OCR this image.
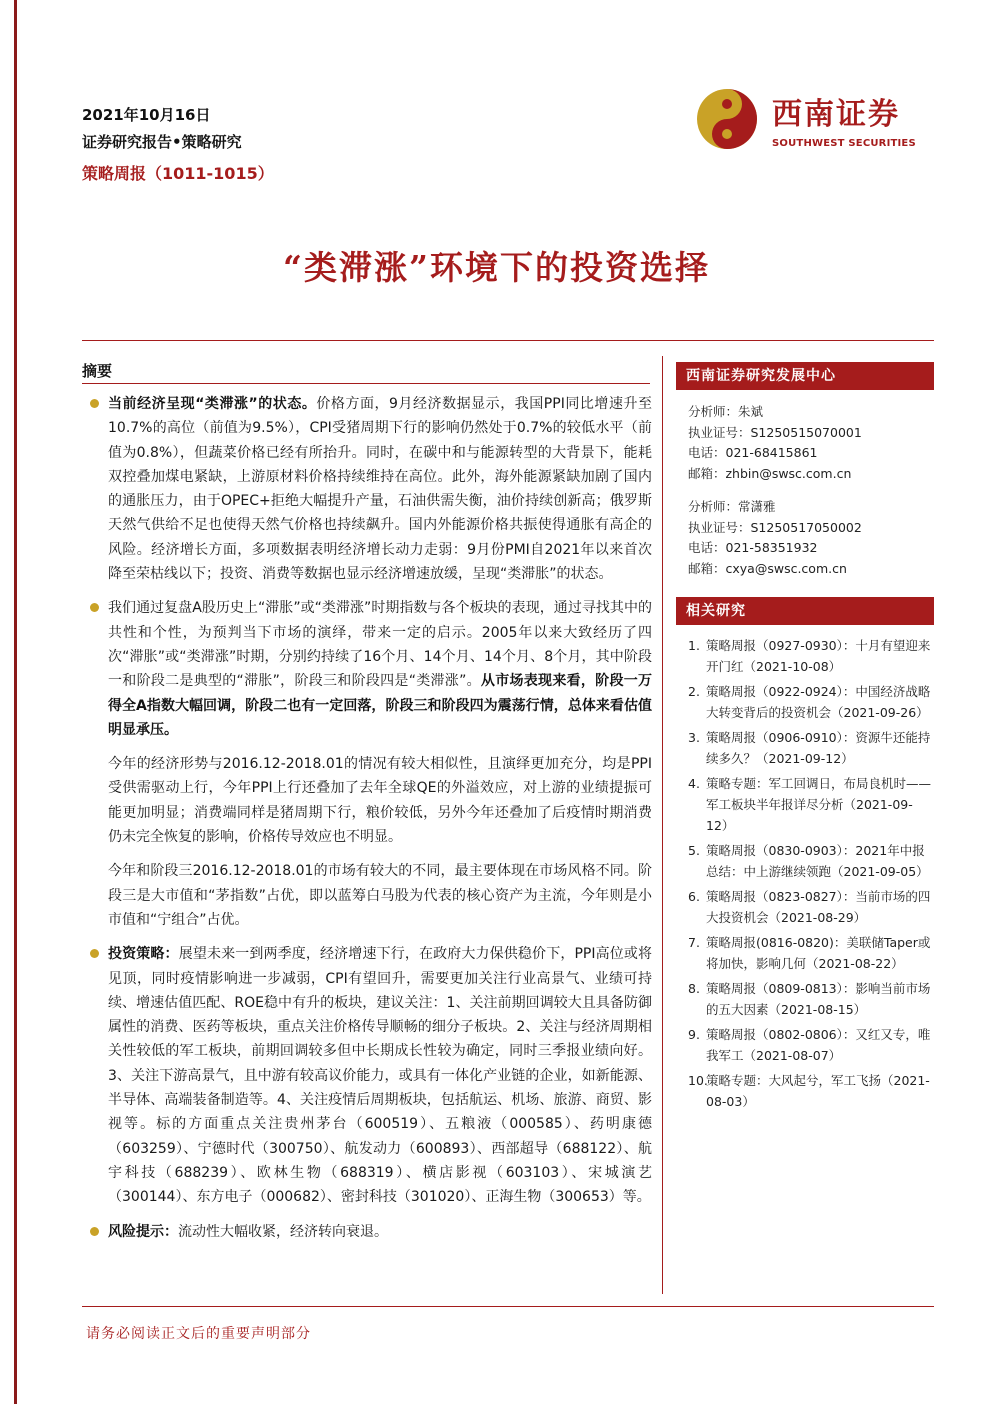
2021年10月16日
证券研究报告•策略研究
策略周报（1011-1015）
西南证券
SOUTHWEST SECURITIES
“类滞涨”环境下的投资选择
摘要
当前经济呈现“类滞涨”的状态。价格方面，9月经济数据显示，我国PPI同比增速升至10.7%的高位（前值为9.5%），CPI受猪周期下行的影响仍然处于0.7%的较低水平（前值为0.8%），但蔬菜价格已经有所抬升。同时，在碳中和与能源转型的大背景下，能耗双控叠加煤电紧缺，上游原材料价格持续维持在高位。此外，海外能源紧缺加剧了国内的通胀压力，由于OPEC+拒绝大幅提升产量，石油供需失衡，油价持续创新高；俄罗斯天然气供给不足也使得天然气价格也持续飙升。国内外能源价格共振使得通胀有高企的风险。经济增长方面，多项数据表明经济增长动力走弱：9月份PMI自2021年以来首次降至荣枯线以下；投资、消费等数据也显示经济增速放缓，呈现“类滞胀”的状态。
我们通过复盘A股历史上“滞胀”或“类滞涨”时期指数与各个板块的表现，通过寻找其中的共性和个性，为预判当下市场的演绎，带来一定的启示。2005年以来大致经历了四次“滞胀”或“类滞涨”时期，分别约持续了16个月、14个月、14个月、8个月，其中阶段一和阶段二是典型的“滞胀”，阶段三和阶段四是“类滞涨”。从市场表现来看，阶段一万得全A指数大幅回调，阶段二也有一定回落，阶段三和阶段四为震荡行情，总体来看估值明显承压。
今年的经济形势与2016.12-2018.01的情况有较大相似性，且演绎更加充分，均是PPI受供需驱动上行，今年PPI上行还叠加了去年全球QE的外溢效应，对上游的业绩提振可能更加明显；消费端同样是猪周期下行，粮价较低，另外今年还叠加了后疫情时期消费仍未完全恢复的影响，价格传导效应也不明显。
今年和阶段三2016.12-2018.01的市场有较大的不同，最主要体现在市场风格不同。阶段三是大市值和“茅指数”占优，即以蓝筹白马股为代表的核心资产为主流，今年则是小市值和“宁组合”占优。
投资策略：展望未来一到两季度，经济增速下行，在政府大力保供稳价下，PPI高位或将见顶，同时疫情影响进一步减弱，CPI有望回升，需要更加关注行业高景气、业绩可持续、增速估值匹配、ROE稳中有升的板块，建议关注：1、关注前期回调较大且具备防御属性的消费、医药等板块，重点关注价格传导顺畅的细分子板块。2、关注与经济周期相关性较低的军工板块，前期回调较多但中长期成长性较为确定，同时三季报业绩向好。3、关注下游高景气，且中游有较高议价能力，或具有一体化产业链的企业，如新能源、半导体、高端装备制造等。4、关注疫情后周期板块，包括航运、机场、旅游、商贸、影视等。标的方面重点关注贵州茅台（600519）、五粮液（000585）、药明康德（603259）、宁德时代（300750）、航发动力（600893）、西部超导（688122）、航宇科技（688239）、欧林生物（688319）、横店影视（603103）、宋城演艺（300144）、东方电子（000682）、密封科技（301020）、正海生物（300653）等。
风险提示：流动性大幅收紧，经济转向衰退。
西南证券研究发展中心
分析师：朱斌
执业证号：S1250515070001
电话：021-68415861
邮箱：zhbin@swsc.com.cn
分析师：常潇雅
执业证号：S1250517050002
电话：021-58351932
邮箱：cxya@swsc.com.cn
相关研究
1. 策略周报（0927-0930）：十月有望迎来开门红（2021-10-08）
2. 策略周报（0922-0924）：中国经济战略大转变背后的投资机会（2021-09-26）
3. 策略周报（0906-0910）：资源牛还能持续多久？（2021-09-12）
4. 策略专题：军工回调日，布局良机时——军工板块半年报详尽分析（2021-09-12）
5. 策略周报（0830-0903）：2021年中报总结：中上游继续领跑（2021-09-05）
6. 策略周报（0823-0827）：当前市场的四大投资机会（2021-08-29）
7. 策略周报(0816-0820)：美联储Taper或将加快，影响几何（2021-08-22）
8. 策略周报（0809-0813）：影响当前市场的五大因素（2021-08-15）
9. 策略周报（0802-0806）：又红又专，唯我军工（2021-08-07）
10.
策略专题：大风起兮，军工飞扬（2021-08-03）
请务必阅读正文后的重要声明部分
